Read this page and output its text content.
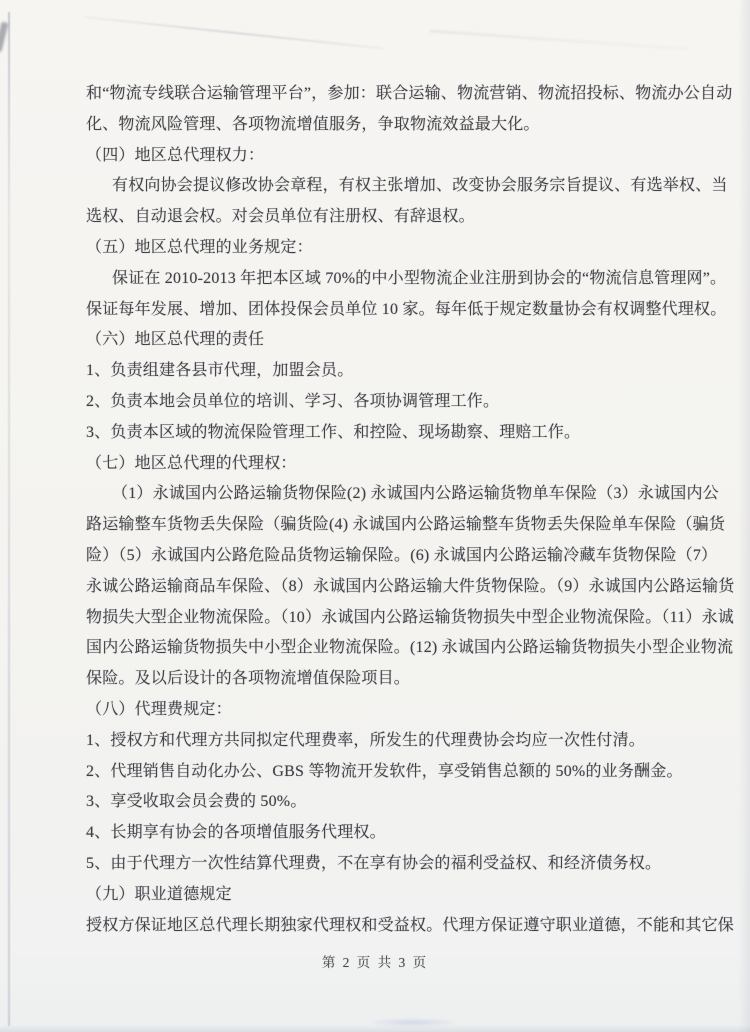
和“物流专线联合运输管理平台”，参加：联合运输、物流营销、物流招投标、物流办公自动
化、物流风险管理、各项物流增值服务，争取物流效益最大化。
（四）地区总代理权力：
有权向协会提议修改协会章程，有权主张增加、改变协会服务宗旨提议、有选举权、当
选权、自动退会权。对会员单位有注册权、有辞退权。
（五）地区总代理的业务规定：
保证在 2010-2013 年把本区域 70%的中小型物流企业注册到协会的“物流信息管理网”。
保证每年发展、增加、团体投保会员单位 10 家。每年低于规定数量协会有权调整代理权。
（六）地区总代理的责任
1、负责组建各县市代理，加盟会员。
2、负责本地会员单位的培训、学习、各项协调管理工作。
3、负责本区域的物流保险管理工作、和控险、现场勘察、理赔工作。
（七）地区总代理的代理权：
（1）永诚国内公路运输货物保险(2) 永诚国内公路运输货物单车保险（3）永诚国内公
路运输整车货物丢失保险（骗货险(4) 永诚国内公路运输整车货物丢失保险单车保险（骗货
险）（5）永诚国内公路危险品货物运输保险。(6) 永诚国内公路运输冷藏车货物保险（7）
永诚公路运输商品车保险、（8）永诚国内公路运输大件货物保险。（9）永诚国内公路运输货
物损失大型企业物流保险。（10）永诚国内公路运输货物损失中型企业物流保险。（11）永诚
国内公路运输货物损失中小型企业物流保险。(12) 永诚国内公路运输货物损失小型企业物流
保险。及以后设计的各项物流增值保险项目。
（八）代理费规定：
1、授权方和代理方共同拟定代理费率，所发生的代理费协会均应一次性付清。
2、代理销售自动化办公、GBS 等物流开发软件，享受销售总额的 50%的业务酬金。
3、享受收取会员会费的 50%。
4、长期享有协会的各项增值服务代理权。
5、由于代理方一次性结算代理费，不在享有协会的福利受益权、和经济债务权。
（九）职业道德规定
授权方保证地区总代理长期独家代理权和受益权。代理方保证遵守职业道德，不能和其它保
第 2 页 共 3 页
